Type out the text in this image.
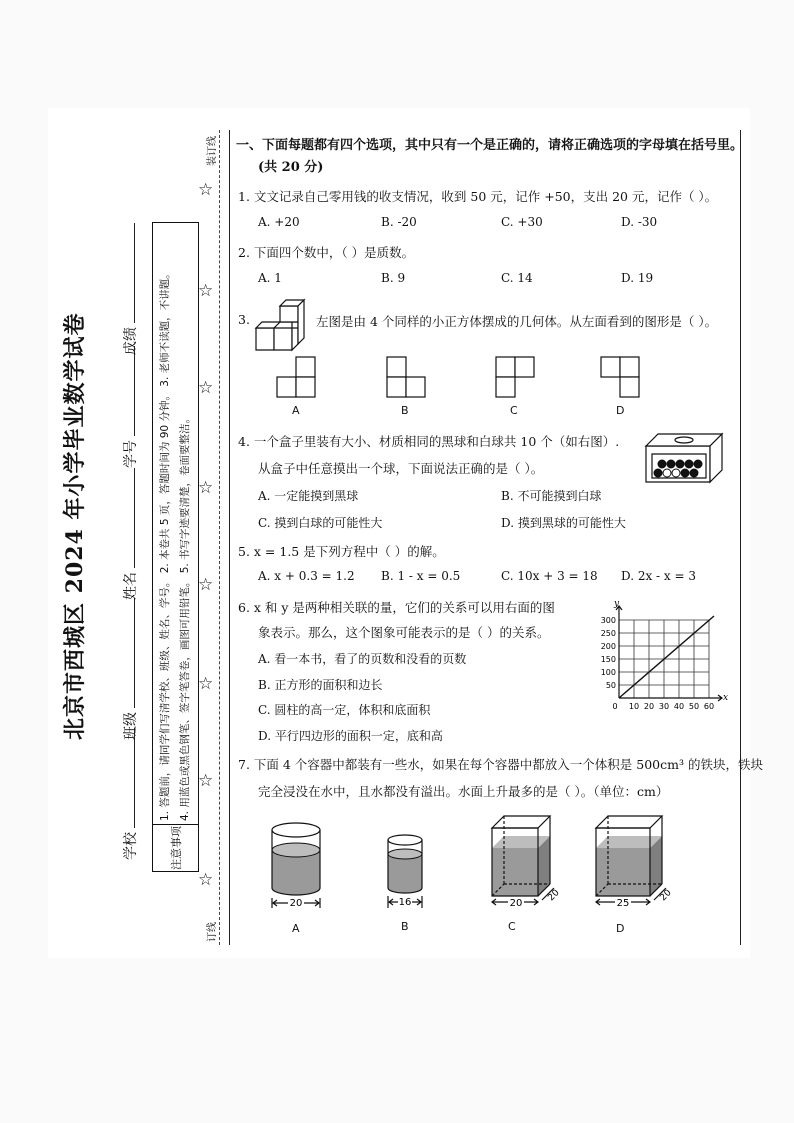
北京市西城区 2024 年小学毕业数学试卷
学校
班级
姓名
学号
成绩
注意事项
1. 答题前，请同学们写清学校、班级、姓名、学号。 2. 本卷共 5 页，答题时间为 90 分钟。 3. 老师不读题，不讲题。 4. 用蓝色或黑色钢笔、签字笔答卷，画图可用铅笔。 5. 书写字迹要清楚，卷面要整洁。
☆
☆
☆
☆
☆
☆
☆
☆
装订线
订线
一、下面每题都有四个选项，其中只有一个是正确的，请将正确选项的字母填在括号里。
(共 20 分)
1. 文文记录自己零用钱的收支情况，收到 50 元，记作 +50，支出 20 元，记作（ ）。
A. +20	B. -20	C. +30	D. -30
2. 下面四个数中，（ ）是质数。
A. 1	B. 9	C. 14	D. 19
3.	左图是由 4 个同样的小正方体摆成的几何体。从左面看到的图形是（ ）。
A	B	C	D
4. 一个盒子里装有大小、材质相同的黑球和白球共 10 个（如右图）.
从盒子中任意摸出一个球，下面说法正确的是（ ）。
A. 一定能摸到黑球	B. 不可能摸到白球
C. 摸到白球的可能性大	D. 摸到黑球的可能性大
5. x = 1.5 是下列方程中（ ）的解。
A. x + 0.3 = 1.2 B. 1 - x = 0.5	C. 10x + 3 = 18 D. 2x - x = 3
6. x 和 y 是两种相关联的量，它们的关系可以用右面的图
象表示。那么，这个图象可能表示的是（ ）的关系。
A. 看一本书，看了的页数和没看的页数
B. 正方形的面积和边长
C. 圆柱的高一定，体积和底面积
D. 平行四边形的面积一定，底和高
y
x
300
250
200
150
100
50
0 10 20 30 40 50 60
7. 下面 4 个容器中都装有一些水，如果在每个容器中都放入一个体积是 500cm³ 的铁块，铁块
完全浸没在水中，且水都没有溢出。水面上升最多的是（ ）。（单位：cm）
20	16	20
20
25
20
A	B	C	D
